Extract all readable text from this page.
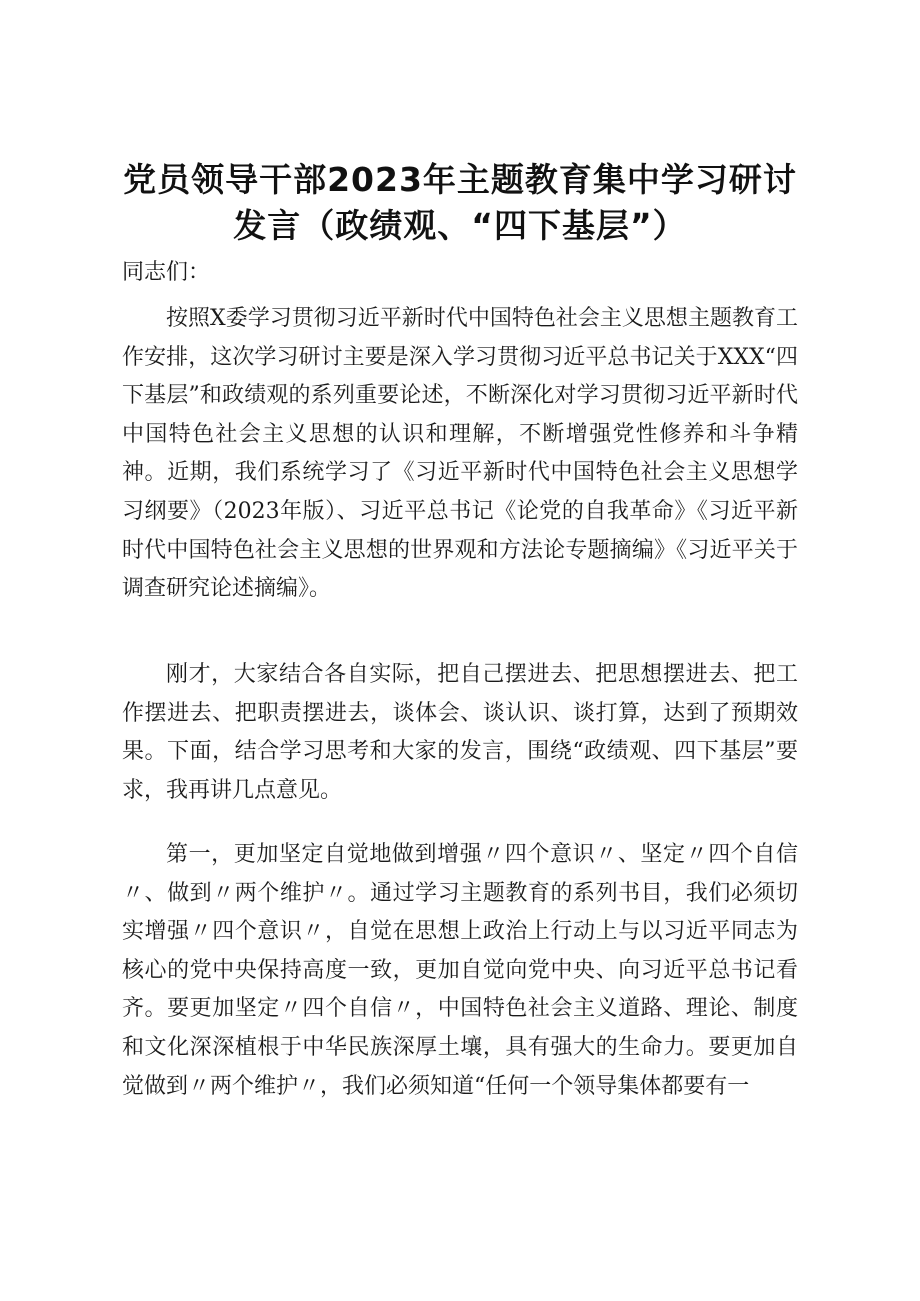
党员领导干部2023年主题教育集中学习研讨
发言（政绩观、“四下基层”）

同志们：

按照X委学习贯彻习近平新时代中国特色社会主义思想主题教育工作安排，这次学习研讨主要是深入学习贯彻习近平总书记关于XXX“四下基层”和政绩观的系列重要论述，不断深化对学习贯彻习近平新时代中国特色社会主义思想的认识和理解，不断增强党性修养和斗争精神。近期，我们系统学习了《习近平新时代中国特色社会主义思想学习纲要》（2023年版）、习近平总书记《论党的自我革命》《习近平新时代中国特色社会主义思想的世界观和方法论专题摘编》《习近平关于调查研究论述摘编》。

刚才，大家结合各自实际，把自己摆进去、把思想摆进去、把工作摆进去、把职责摆进去，谈体会、谈认识、谈打算，达到了预期效果。下面，结合学习思考和大家的发言，围绕“政绩观、四下基层”要求，我再讲几点意见。

第一，更加坚定自觉地做到增强〃四个意识〃、坚定〃四个自信〃、做到〃两个维护〃。通过学习主题教育的系列书目，我们必须切实增强〃四个意识〃，自觉在思想上政治上行动上与以习近平同志为核心的党中央保持高度一致，更加自觉向党中央、向习近平总书记看齐。要更加坚定〃四个自信〃，中国特色社会主义道路、理论、制度和文化深深植根于中华民族深厚土壤，具有强大的生命力。要更加自觉做到〃两个维护〃，我们必须知道“任何一个领导集体都要有一
